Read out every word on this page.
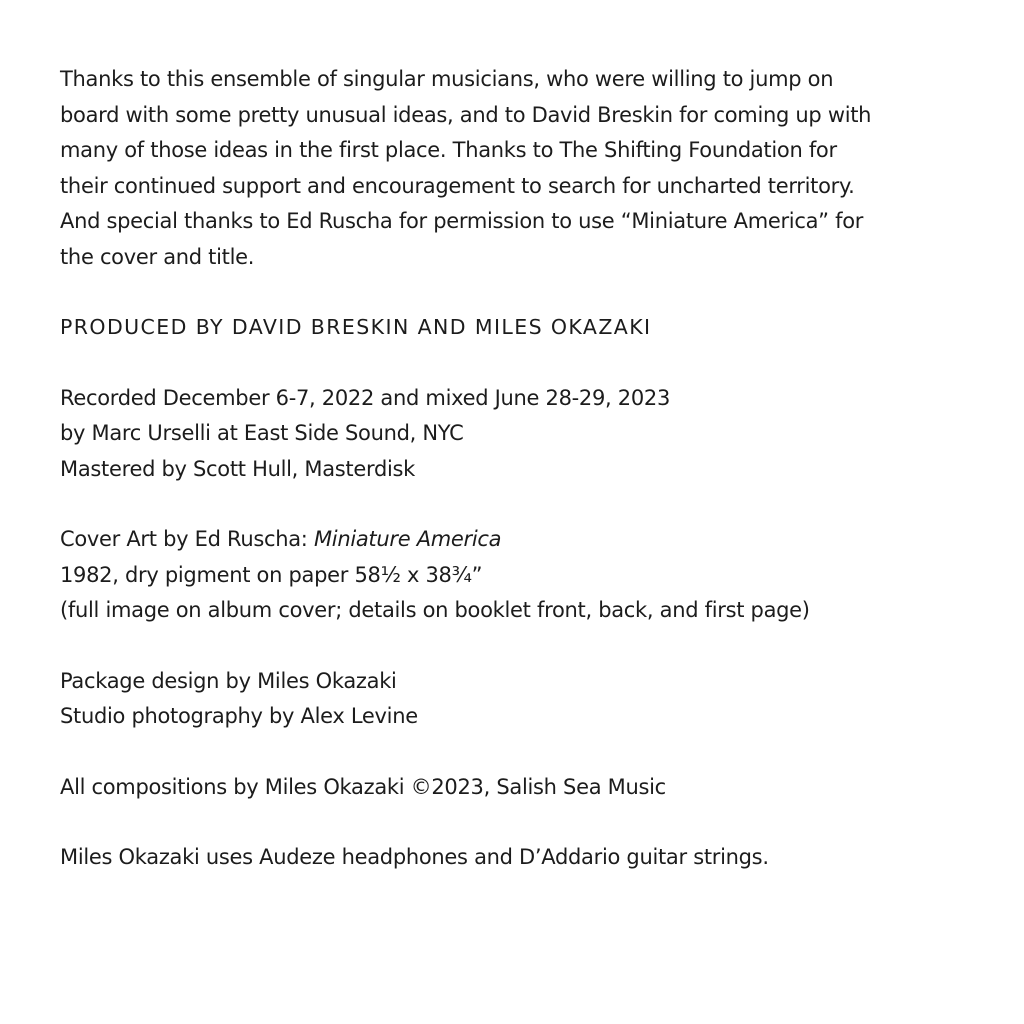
Thanks to this ensemble of singular musicians, who were willing to jump on
board with some pretty unusual ideas, and to David Breskin for coming up with
many of those ideas in the first place. Thanks to The Shifting Foundation for
their continued support and encouragement to search for uncharted territory.
And special thanks to Ed Ruscha for permission to use “Miniature America” for
the cover and title.

PRODUCED BY DAVID BRESKIN AND MILES OKAZAKI

Recorded December 6-7, 2022 and mixed June 28-29, 2023
by Marc Urselli at East Side Sound, NYC
Mastered by Scott Hull, Masterdisk

Cover Art by Ed Ruscha: Miniature America
1982, dry pigment on paper 58½ x 38¾”
(full image on album cover; details on booklet front, back, and first page)

Package design by Miles Okazaki
Studio photography by Alex Levine

All compositions by Miles Okazaki ©2023, Salish Sea Music

Miles Okazaki uses Audeze headphones and D’Addario guitar strings.
